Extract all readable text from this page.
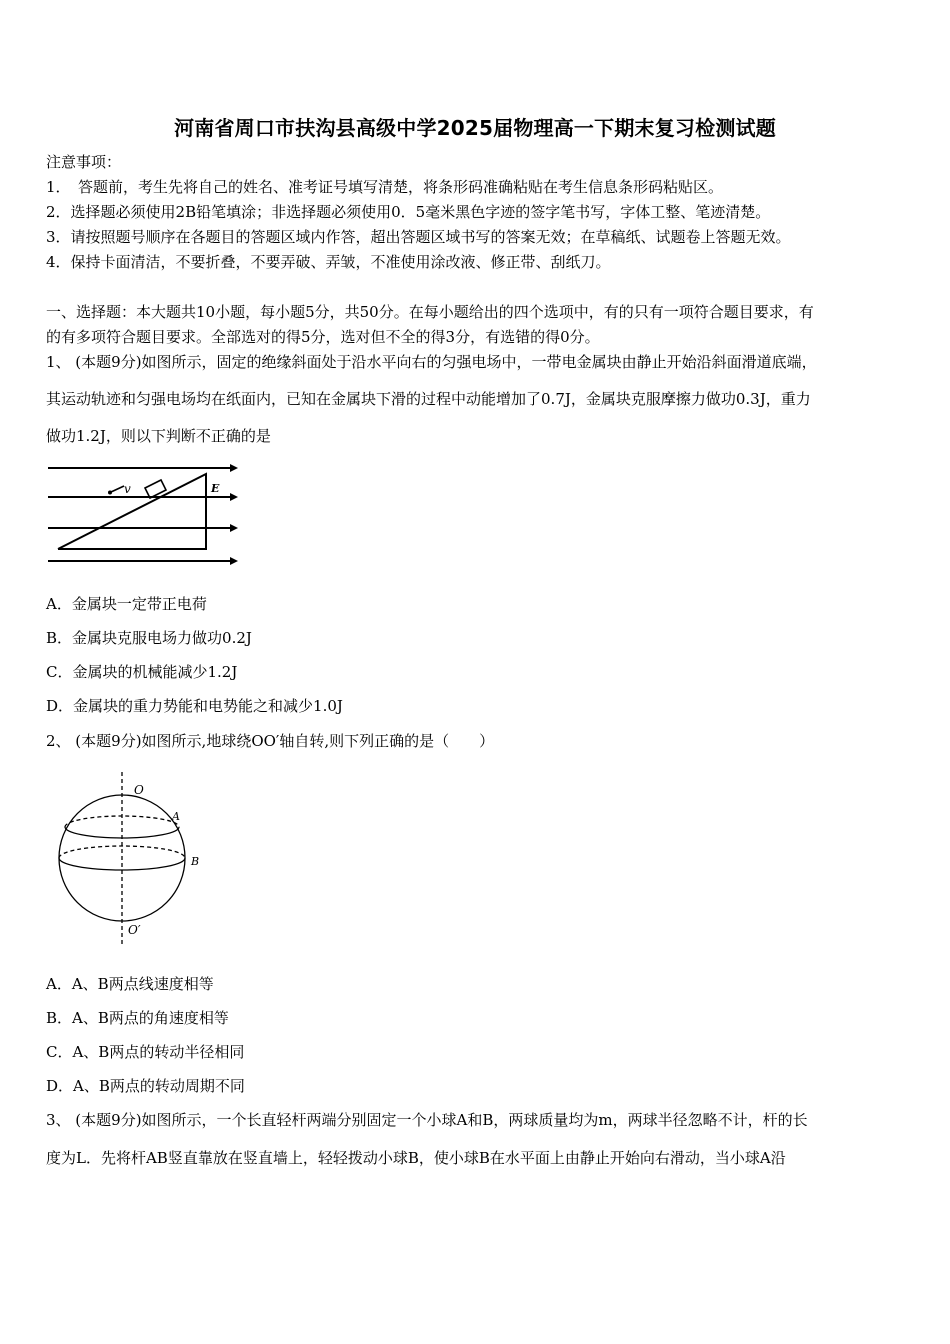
河南省周口市扶沟县高级中学2025届物理高一下期末复习检测试题
注意事项：
1．　答题前，考生先将自己的姓名、准考证号填写清楚，将条形码准确粘贴在考生信息条形码粘贴区。
2．选择题必须使用2B铅笔填涂；非选择题必须使用0．5毫米黑色字迹的签字笔书写，字体工整、笔迹清楚。
3．请按照题号顺序在各题目的答题区域内作答，超出答题区域书写的答案无效；在草稿纸、试题卷上答题无效。
4．保持卡面清洁，不要折叠，不要弄破、弄皱，不准使用涂改液、修正带、刮纸刀。
一、选择题：本大题共10小题，每小题5分，共50分。在每小题给出的四个选项中，有的只有一项符合题目要求，有
的有多项符合题目要求。全部选对的得5分，选对但不全的得3分，有选错的得0分。
1、 (本题9分)如图所示，固定的绝缘斜面处于沿水平向右的匀强电场中，一带电金属块由静止开始沿斜面滑道底端，
其运动轨迹和匀强电场均在纸面内，已知在金属块下滑的过程中动能增加了0.7J，金属块克服摩擦力做功0.3J，重力
做功1.2J，则以下判断不正确的是
v	E
A．金属块一定带正电荷
B．金属块克服电场力做功0.2J
C．金属块的机械能减少1.2J
D．金属块的重力势能和电势能之和减少1.0J
2、 (本题9分)如图所示,地球绕OO′轴自转,则下列正确的是（　　）
O
A
B
O′
A．A、B两点线速度相等
B．A、B两点的角速度相等
C．A、B两点的转动半径相同
D．A、B两点的转动周期不同
3、 (本题9分)如图所示，一个长直轻杆两端分别固定一个小球A和B，两球质量均为m，两球半径忽略不计，杆的长
度为L．先将杆AB竖直靠放在竖直墙上，轻轻拨动小球B，使小球B在水平面上由静止开始向右滑动，当小球A沿
